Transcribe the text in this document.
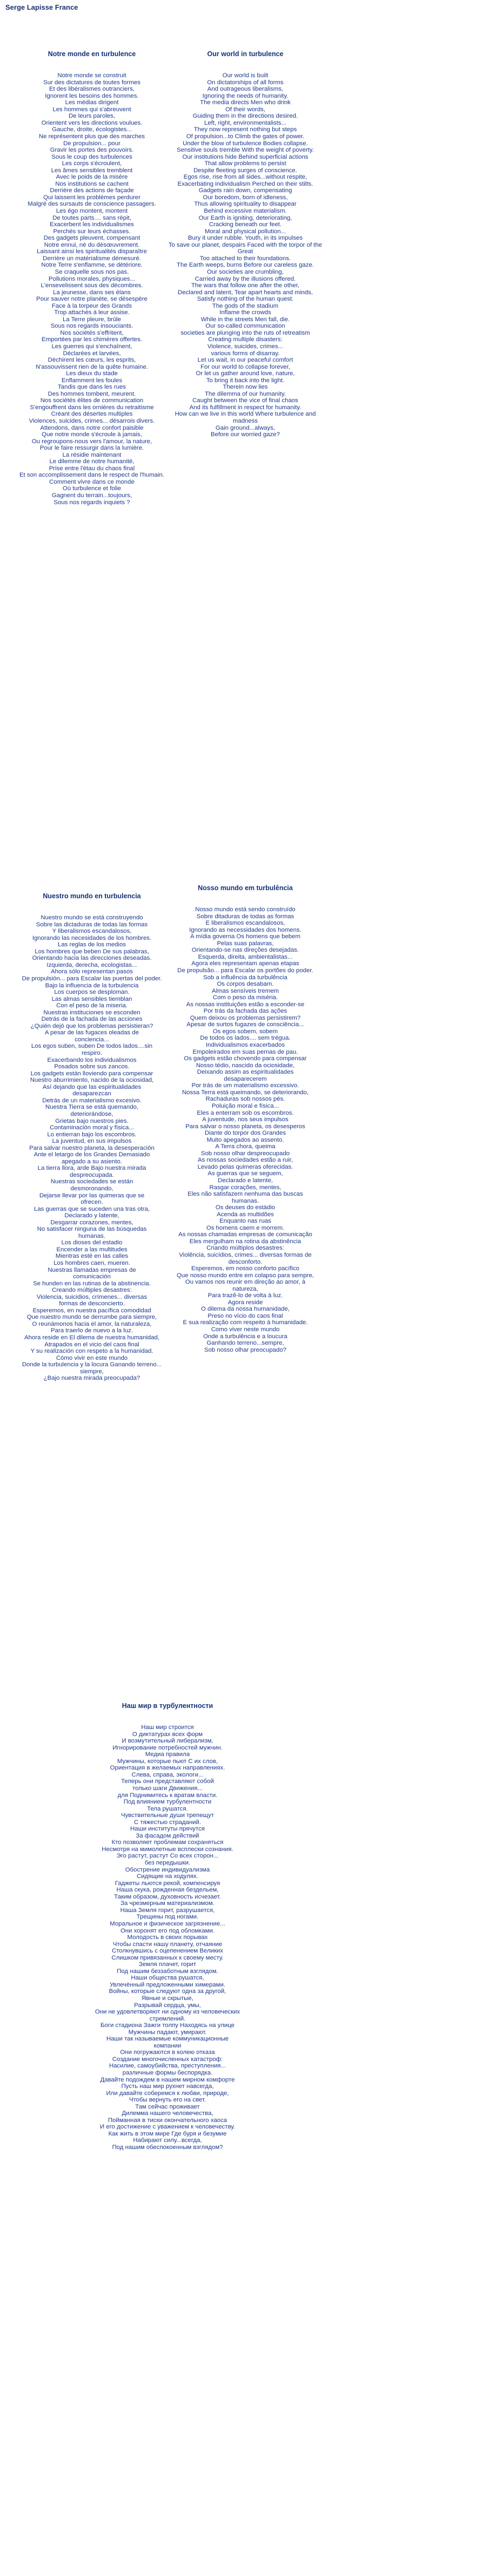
Serge Lapisse France

Notre monde en turbulence

Notre monde se construit
Sur des dictatures de toutes formes
Et des libéralismes outranciers,
Ignorent les besoins des hommes.
Les médias dirigent
Les hommes qui s'abreuvent
De leurs paroles,
Orientent vers les directions voulues.
Gauche, droite, écologistes...
Ne représentent plus que des marches
De propulsion... pour
Gravir les portes des pouvoirs.
Sous le coup des turbulences
Les corps s'écroulent,
Les âmes sensibles tremblent
Avec le poids de la misère
Nos institutions se cachent
Derrière des actions de façade
Qui laissent les problèmes perdurer
Malgré des sursauts de conscience passagers.
Les égo montent, montent
De toutes parts.... sans répit,
Exacerbent les individualismes
Perchés sur leurs échasses.
Des gadgets pleuvent, compensant
Notre ennui, né du désœuvrement.
Laissant ainsi les spiritualités disparaître
Derrière un matérialisme démesuré.
Notre Terre s'enflamme, se détériore.
Se craquelle sous nos pas.
Pollutions morales, physiques...
L'ensevelissent sous des décombres.
La jeunesse, dans ses élans
Pour sauver notre planète, se désespère
Face à la torpeur des Grands
Trop attachés à leur assise.
La Terre pleure, brûle
Sous nos regards insouciants.
Nos sociétés s'effritent,
Emportées par les chimères offertes.
Les guerres qui s'enchaînent,
Déclarées et larvées,
Déchirent les cœurs, les esprits,
N'assouvissent rien de la quête humaine.
Les dieux du stade
Enflamment les foules
Tandis que dans les rues
Des hommes tombent, meurent.
Nos sociétés élites de communication
S'engouffrent dans les ornières du retraitisme
Créant des désertes multiples
Violences, suicides, crimes... désarrois divers.
Attendons, dans notre confort paisible
Que notre monde s'écroule à jamais,
Ou regroupons-nous vers l'amour, la nature,
Pour le faire ressurgir dans la lumière.
La résidie maintenant
Le dilemme de notre humanité,
Prise entre l'étau du chaos final
Et son accomplissement dans le respect de l'humain.
Comment vivre dans ce monde
Où turbulence et folie
Gagnent du terrain...toujours,
Sous nos regards inquiets ?

Our world in turbulence

Our world is built
On dictatorships of all forms
And outrageous liberalisms,
Ignoring the needs of humanity.
The media directs Men who drink
Of their words,
Guiding them in the directions desired.
Left, right, environmentalists...
They now represent nothing but steps
Of propulsion...to Climb the gates of power.
Under the blow of turbulence Bodies collapse.
Sensitive souls tremble With the weight of poverty.
Our institutions hide Behind superficial actions
That allow problems to persist
Despite fleeting surges of conscience.
Egos rise, rise from all sides...without respite,
Exacerbating individualism Perched on their stilts.
Gadgets rain down, compensating
Our boredom, born of idleness,
Thus allowing spirituality to disappear
Behind excessive materialism.
Our Earth is igniting, deteriorating,
Cracking beneath our feet.
Moral and physical pollution...
Bury it under rubble. Youth, in its impulses
To save our planet, despairs Faced with the torpor of the Great
Too attached to their foundations.
The Earth weeps, burns Before our careless gaze.
Our societies are crumbling,
Carried away by the illusions offered.
The wars that follow one after the other,
Declared and latent, Tear apart hearts and minds,
Satisfy nothing of the human quest.
The gods of the stadium
Inflame the crowds
While in the streets Men fall, die.
Our so-called communication
societies are plunging into the ruts of retreatism
Creating multiple disasters:
Violence, suicides, crimes...
various forms of disarray.
Let us wait, in our peaceful comfort
For our world to collapse forever,
Or let us gather around love, nature,
To bring it back into the light.
Therein now lies
The dilemma of our humanity.
Caught between the vice of final chaos
And its fulfillment in respect for humanity.
How can we live in this world Where turbulence and madness
Gain ground...always,
Before our worried gaze?

Nuestro mundo en turbulencia

Nuestro mundo se está construyendo
Sobre las dictaduras de todas las formas
Y liberalismos escandalosos,
Ignorando las necesidades de los hombres.
Las reglas de los medios
Los hombres que beben De sus palabras,
Orientando hacia las direcciones deseadas.
Izquierda, derecha, ecologistas...
Ahora sólo representan pasos
De propulsión... para Escalar las puertas del poder.
Bajo la influencia de la turbulencia
Los cuerpos se desploman.
Las almas sensibles tiemblan
Con el peso de la miseria.
Nuestras instituciones se esconden
Detrás de la fachada de las acciones
¿Quién dejó que los problemas persistieran?
A pesar de las fugaces oleadas de
conciencia...
Los egos suben, suben De todos lados....sin
respiro.
Exacerbando los individualismos
Posados sobre sus zancos.
Los gadgets están lloviendo para compensar
Nuestro aburrimiento, nacido de la ociosidad,
Así dejando que las espiritualidades
desaparezcan
Detrás de un materialismo excesivo.
Nuestra Tierra se está quemando,
deteriorándose,
Grietas bajo nuestros pies.
Contaminación moral y física...
Lo entierran bajo los escombros.
La juventud, en sus impulsos
Para salvar nuestro planeta, la desesperación
Ante el letargo de los Grandes Demasiado
apegado a su asiento.
La tierra llora, arde Bajo nuestra mirada
despreocupada.
Nuestras sociedades se están
desmoronando,
Dejarse llevar por las quimeras que se
ofrecen.
Las guerras que se suceden una tras otra,
Declarado y latente,
Desgarrar corazones, mentes,
No satisfacer ninguna de las búsquedas
humanas.
Los dioses del estadio
Encender a las multitudes
Mientras esté en las calles
Los hombres caen, mueren.
Nuestras llamadas empresas de
comunicación
Se hunden en las rutinas de la abstinencia.
Creando múltiples desastres:
Violencia, suicidios, crímenes... diversas
formas de desconcierto.
Esperemos, en nuestra pacífica comodidad
Que nuestro mundo se derrumbe para siempre,
O reunámonos hacia el amor, la naturaleza,
Para traerlo de nuevo a la luz.
Ahora reside en El dilema de nuestra humanidad,
Atrapados en el vicio del caos final
Y su realización con respeto a la humanidad.
Cómo vivir en este mundo
Donde la turbulencia y la locura Ganando terreno...
siempre,
¿Bajo nuestra mirada preocupada?

Nosso mundo em turbulência

Nosso mundo está sendo construído
Sobre ditaduras de todas as formas
E liberalismos escandalosos,
Ignorando as necessidades dos homens.
A mídia governa Os homens que bebem
Pelas suas palavras,
Orientando-se nas direções desejadas.
Esquerda, direita, ambientalistas...
Agora eles representam apenas etapas
De propulsão... para Escalar os portões do poder.
Sob a influência da turbulência
Os corpos desabam.
Almas sensíveis tremem
Com o peso da miséria.
As nossas instituições estão a esconder-se
Por trás da fachada das ações
Quem deixou os problemas persistirem?
Apesar de surtos fugazes de consciência...
Os egos sobem, sobem
De todos os lados.... sem trégua.
Individualismos exacerbados
Empoleirados em suas pernas de pau.
Os gadgets estão chovendo para compensar
Nosso tédio, nascido da ociosidade,
Deixando assim as espiritualidades
desaparecerem
Por trás de um materialismo excessivo.
Nossa Terra está queimando, se deteriorando,
Rachaduras sob nossos pés.
Poluição moral e física...
Eles a enterram sob os escombros.
A juventude, nos seus impulsos
Para salvar o nosso planeta, os desesperos
Diante do torpor dos Grandes
Muito apegados ao assento.
A Terra chora, queima
Sob nosso olhar despreocupado
As nossas sociedades estão a ruir,
Levado pelas quimeras oferecidas.
As guerras que se seguem,
Declarado e latente,
Rasgar corações, mentes,
Eles não satisfazem nenhuma das buscas
humanas.
Os deuses do estádio
Acenda as multidões
Enquanto nas ruas
Os homens caem e morrem.
As nossas chamadas empresas de comunicação
Eles mergulham na rotina da abstinência
Criando múltiplos desastres:
Violência, suicídios, crimes... diversas formas de
desconforto.
Esperemos, em nosso conforto pacífico
Que nosso mundo entre em colapso para sempre,
Ou vamos nos reunir em direção ao amor, à
natureza,
Para trazê-lo de volta à luz.
Agora reside
O dilema da nossa humanidade,
Preso no vício do caos final
E sua realização com respeito à humanidade.
Como viver neste mundo
Onde a turbulência e a loucura
Ganhando terreno...sempre,
Sob nosso olhar preocupado?

Наш мир в турбулентности

Наш мир строится
О диктатурах всех форм
И возмутительный либерализм,
Игнорирование потребностей мужчин.
Медиа правила
Мужчины, которые пьют С их слов,
Ориентация в желаемых направлениях.
Слева, справа, экологи...
Теперь они представляют собой
только шаги Движения...
для Поднимитесь к вратам власти.
Под влиянием турбулентности
Тела рушатся.
Чувствительные души трепещут
С тяжестью страданий.
Наши институты прячутся
За фасадом действий
Кто позволяет проблемам сохраняться
Несмотря на мимолетные всплески сознания.
Эго растут, растут Со всех сторон...
без передышки.
Обострение индивидуализма
Сидящие на ходулях.
Гаджеты льются рекой, компенсируя
Наша скука, рожденная бездельем,
Таким образом, духовность исчезает.
За чрезмерным материализмом.
Наша Земля горит, разрушается,
Трещины под ногами.
Моральное и физическое загрязнение...
Они хоронят его под обломками.
Молодость в своих порывах
Чтобы спасти нашу планету, отчаяние
Столкнувшись с оцепенением Великих
Слишком привязанных к своему месту.
Земля плачет, горит
Под нашим беззаботным взглядом.
Наши общества рушатся,
Увлечённый предложенными химерами.
Войны, которые следуют одна за другой,
Явные и скрытые,
Разрывай сердца, умы,
Они не удовлетворяют ни одному из человеческих
стремлений.
Боги стадиона Зажги толпу Находясь на улице
Мужчины падают, умирают.
Наши так называемые коммуникационные
компании
Они погружаются в колею отказа
Создание многочисленных катастроф:
Насилие, самоубийства, преступления...
различные формы беспорядка.
Давайте подождем в нашем мирном комфорте
Пусть наш мир рухнет навсегда,
Или давайте соберемся к любви, природе,
Чтобы вернуть его на свет.
Там сейчас проживает
Дилемма нашего человечества,
Пойманная в тиски окончательного хаоса
И его достижение с уважением к человечеству.
Как жить в этом мире Где буря и безумие
Набирают силу...всегда,
Под нашим обеспокоенным взглядом?
